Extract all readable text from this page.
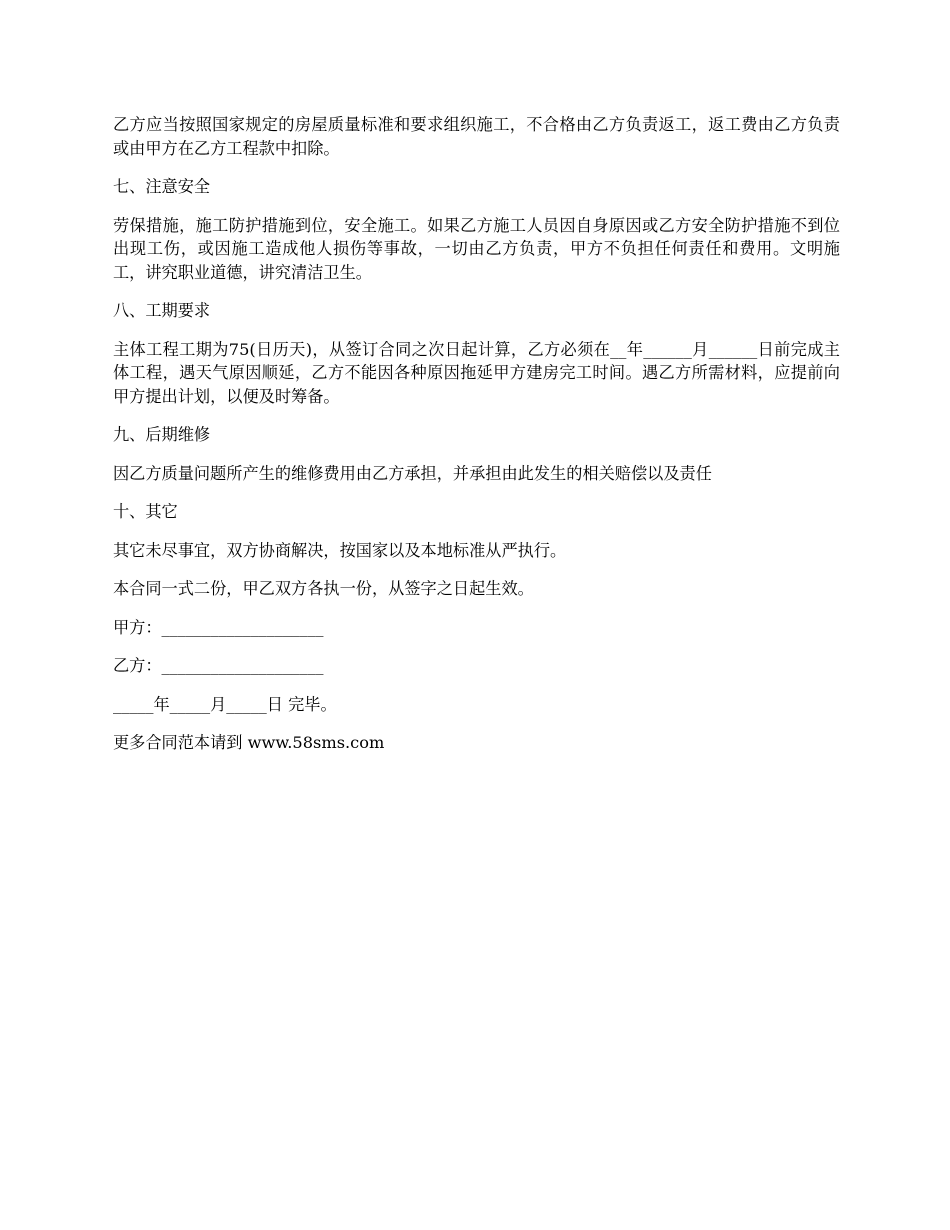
乙方应当按照国家规定的房屋质量标准和要求组织施工，不合格由乙方负责返工，返工费由乙方负责或由甲方在乙方工程款中扣除。

七、注意安全

劳保措施，施工防护措施到位，安全施工。如果乙方施工人员因自身原因或乙方安全防护措施不到位出现工伤，或因施工造成他人损伤等事故，一切由乙方负责，甲方不负担任何责任和费用。文明施工，讲究职业道德，讲究清洁卫生。

八、工期要求

主体工程工期为75(日历天)，从签订合同之次日起计算，乙方必须在__年______月______日前完成主体工程，遇天气原因顺延，乙方不能因各种原因拖延甲方建房完工时间。遇乙方所需材料，应提前向甲方提出计划，以便及时筹备。

九、后期维修

因乙方质量问题所产生的维修费用由乙方承担，并承担由此发生的相关赔偿以及责任

十、其它

其它未尽事宜，双方协商解决，按国家以及本地标准从严执行。

本合同一式二份，甲乙双方各执一份，从签字之日起生效。

甲方：____________________

乙方：____________________

_____年_____月_____日 完毕。

更多合同范本请到 www.58sms.com
